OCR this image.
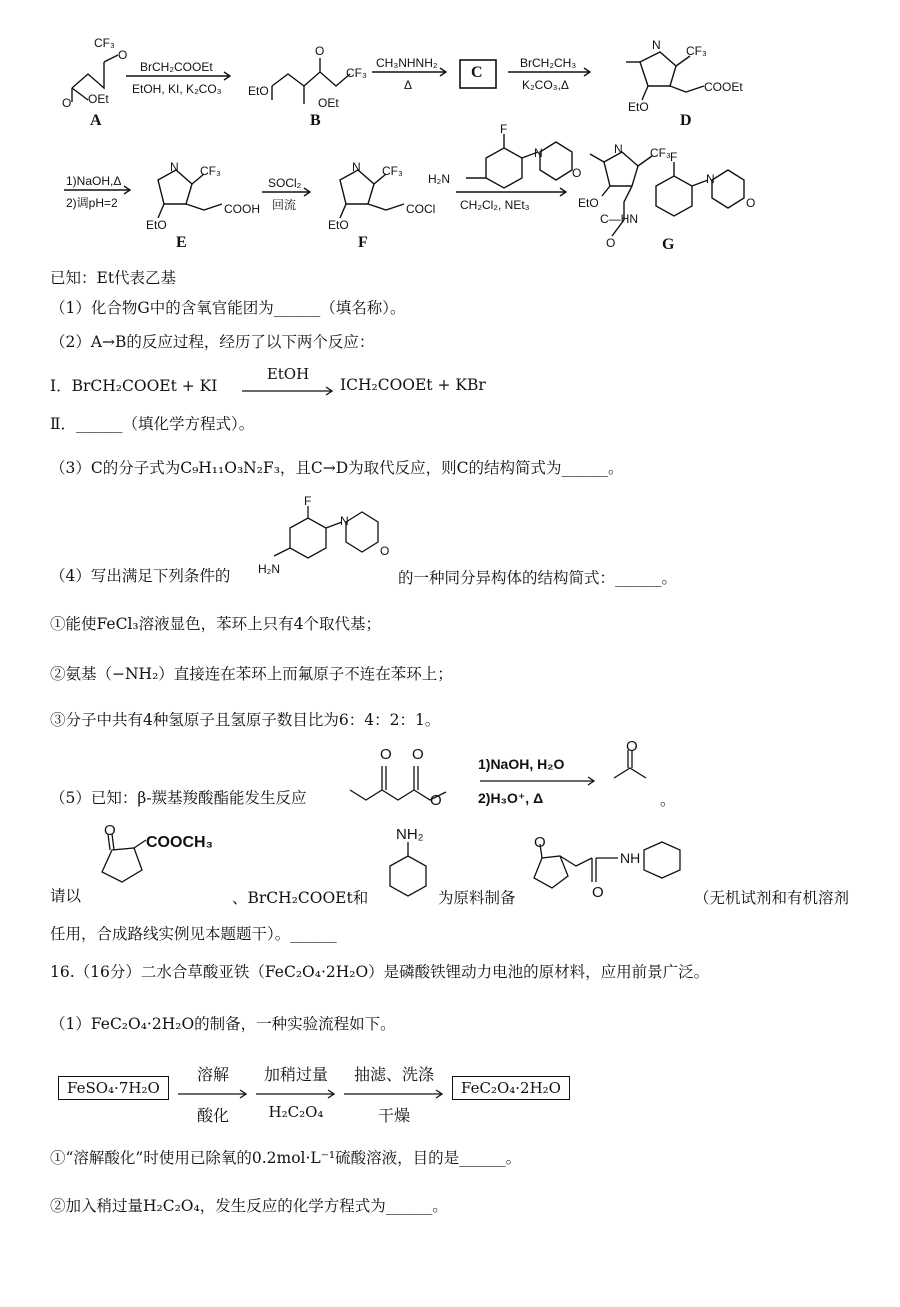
CF₃
O
O OEt
A
BrCH₂COOEt
EtOH, KI, K₂CO₃
O
CF₃
EtO
OEt
B
CH₃NHNH₂
Δ
C
BrCH₂CH₃
K₂CO₃,Δ
N CF₃
COOEt
EtO
D
1)NaOH,Δ
2)调pH=2
N CF₃
COOH
EtO
E
SOCl₂
回流
N CF₃
COCl
EtO
F
F
H₂N
N
O
CH₂Cl₂, NEt₃
N CF₃ F
EtO
C—HN
N
O
O	G
已知：Et代表乙基
（1）化合物G中的含氧官能团为______（填名称）。
（2）A→B的反应过程，经历了以下两个反应：
Ⅰ．BrCH₂COOEt + KI
EtOH
ICH₂COOEt + KBr
Ⅱ．______（填化学方程式）。
（3）C的分子式为C₉H₁₁O₃N₂F₃，且C→D为取代反应，则C的结构简式为______。
F
N
O
H₂N
（4）写出满足下列条件的	的一种同分异构体的结构简式：______。
①能使FeCl₃溶液显色，苯环上只有4个取代基；
②氨基（−NH₂）直接连在苯环上而氟原子不连在苯环上；
③分子中共有4种氢原子且氢原子数目比为6：4：2：1。
（5）已知：β-羰基羧酸酯能发生反应
O O
O
1)NaOH, H₂O
2)H₃O⁺, Δ
O
。
O
COOCH₃
请以	、BrCH₂COOEt和
NH₂
为原料制备
O
NH
O	（无机试剂和有机溶剂
任用，合成路线实例见本题题干）。______
16.（16分）二水合草酸亚铁（FeC₂O₄·2H₂O）是磷酸铁锂动力电池的原材料，应用前景广泛。
（1）FeC₂O₄·2H₂O的制备，一种实验流程如下。
FeSO₄·7H₂O
溶解
酸化
加稍过量
H₂C₂O₄
抽滤、洗涤
干燥
FeC₂O₄·2H₂O
①“溶解酸化”时使用已除氧的0.2mol·L⁻¹硫酸溶液，目的是______。
②加入稍过量H₂C₂O₄，发生反应的化学方程式为______。
